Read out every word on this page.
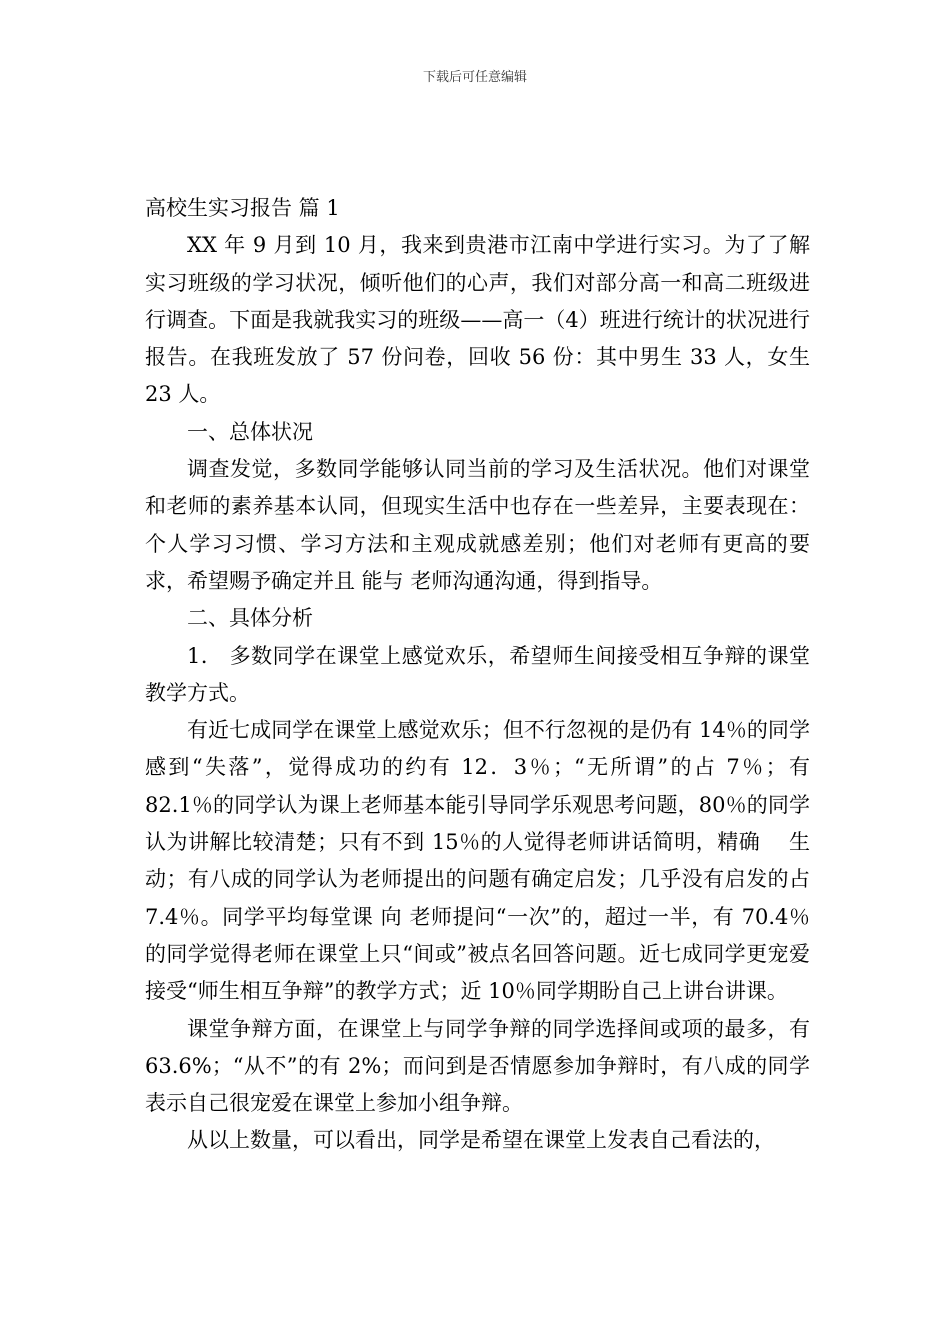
下载后可任意编辑

高校生实习报告 篇 1

XX 年 9 月到 10 月，我来到贵港市江南中学进行实习。为了了解实习班级的学习状况，倾听他们的心声，我们对部分高一和高二班级进行调查。下面是我就我实习的班级——高一（4）班进行统计的状况进行报告。在我班发放了 57 份问卷，回收 56 份：其中男生 33 人，女生 23 人。

一、总体状况

调查发觉，多数同学能够认同当前的学习及生活状况。他们对课堂和老师的素养基本认同，但现实生活中也存在一些差异，主要表现在：个人学习习惯、学习方法和主观成就感差别；他们对老师有更高的要求，希望赐予确定并且 能与 老师沟通沟通，得到指导。

二、具体分析

1． 多数同学在课堂上感觉欢乐，希望师生间接受相互争辩的课堂教学方式。

有近七成同学在课堂上感觉欢乐；但不行忽视的是仍有 14％的同学感到“失落”，觉得成功的约有 12．3％；“无所谓”的占 7％；有 82.1％的同学认为课上老师基本能引导同学乐观思考问题，80％的同学认为讲解比较清楚；只有不到 15％的人觉得老师讲话简明，精确　 生动；有八成的同学认为老师提出的问题有确定启发；几乎没有启发的占 7.4％。同学平均每堂课 向 老师提问“一次”的，超过一半，有 70.4％的同学觉得老师在课堂上只“间或”被点名回答问题。近七成同学更宠爱接受“师生相互争辩”的教学方式；近 10％同学期盼自己上讲台讲课。

课堂争辩方面，在课堂上与同学争辩的同学选择间或项的最多，有 63.6%；“从不”的有 2%；而问到是否情愿参加争辩时，有八成的同学表示自己很宠爱在课堂上参加小组争辩。

从以上数量，可以看出，同学是希望在课堂上发表自己看法的，
